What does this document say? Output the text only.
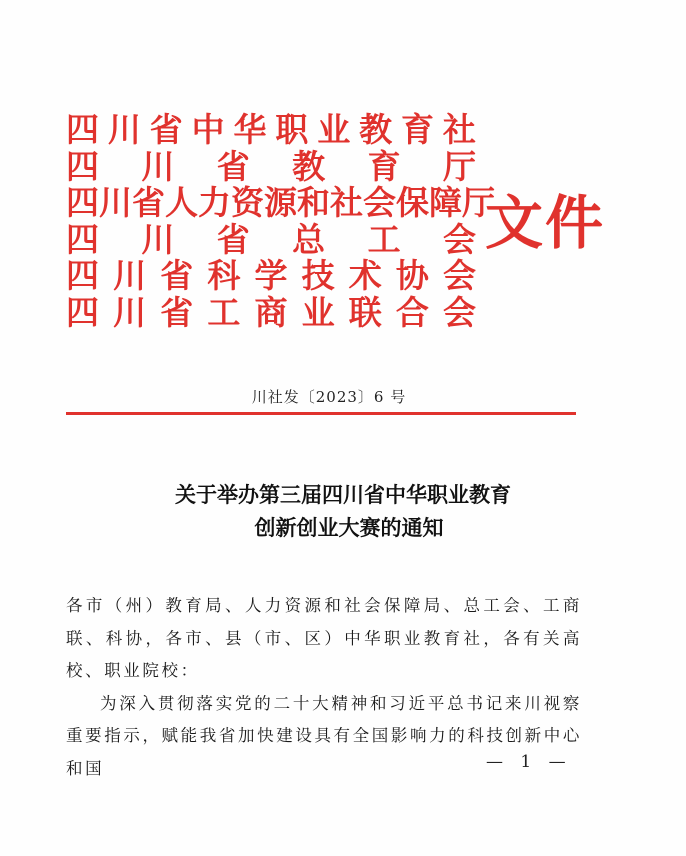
四 川 省 中 华 职 业 教 育 社
四 川 省 教 育 厅
四 川 省 人 力 资 源 和 社 会 保 障 厅
四 川 省 总 工 会
四 川 省 科 学 技 术 协 会
四 川 省 工 商 业 联 合 会
文件
川社发〔2023〕6 号
关于举办第三届四川省中华职业教育
创新创业大赛的通知

各市（州）教育局、人力资源和社会保障局、总工会、工商联、科协，各市、县（市、区）中华职业教育社，各有关高校、职业院校：

为深入贯彻落实党的二十大精神和习近平总书记来川视察重要指示，赋能我省加快建设具有全国影响力的科技创新中心和国	— 1 —
